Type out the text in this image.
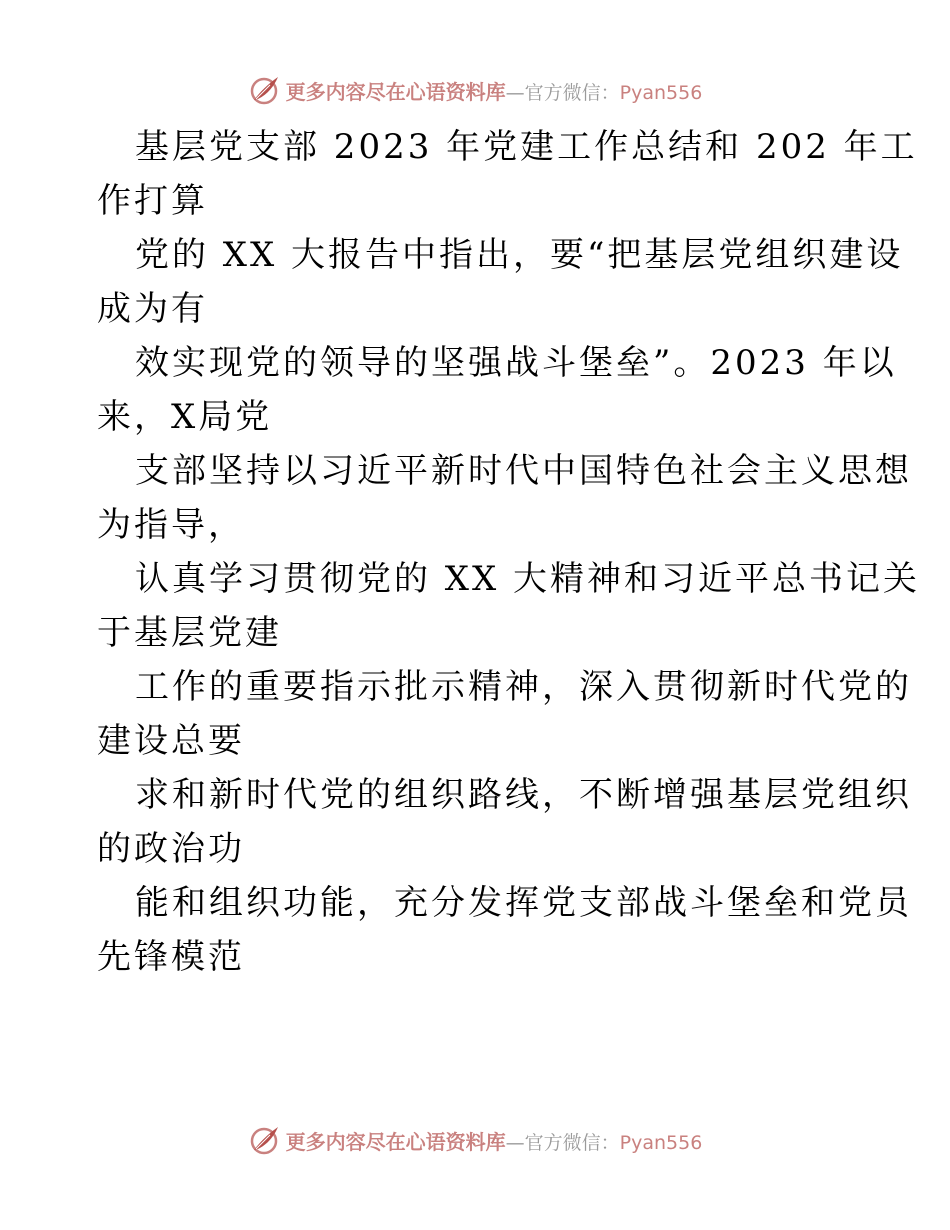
更多内容尽在心语资料库 — 官方微信： Pyan556
基层党支部 2023 年党建工作总结和 202 年工
作打算
党的 XX 大报告中指出，要“把基层党组织建设
成为有
效实现党的领导的坚强战斗堡垒”。2023 年以
来，X局党
支部坚持以习近平新时代中国特色社会主义思想
为指导，
认真学习贯彻党的 XX 大精神和习近平总书记关
于基层党建
工作的重要指示批示精神，深入贯彻新时代党的
建设总要
求和新时代党的组织路线，不断增强基层党组织
的政治功
能和组织功能，充分发挥党支部战斗堡垒和党员
先锋模范
更多内容尽在心语资料库 — 官方微信： Pyan556
